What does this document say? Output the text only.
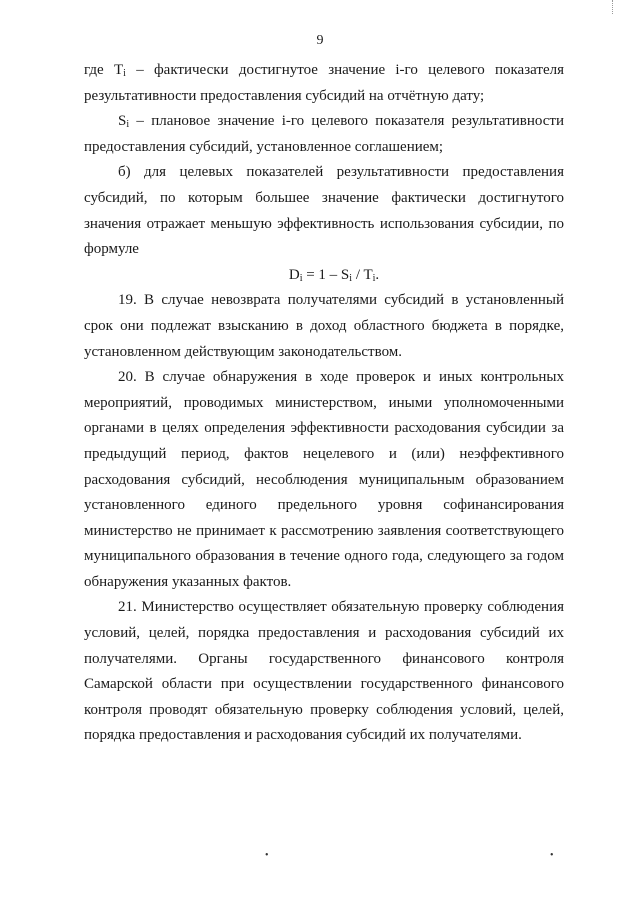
9

где $T_i$ – фактически достигнутое значение i-го целевого показателя результативности предоставления субсидий на отчётную дату;

$S_i$ – плановое значение i-го целевого показателя результативности предоставления субсидий, установленное соглашением;

б) для целевых показателей результативности предоставления субсидий, по которым большее значение фактически достигнутого значения отражает меньшую эффективность использования субсидии, по формуле

$D_i = 1 - S_i / T_i$.

19. В случае невозврата получателями субсидий в установленный срок они подлежат взысканию в доход областного бюджета в порядке, установленном действующим законодательством.

20. В случае обнаружения в ходе проверок и иных контрольных мероприятий, проводимых министерством, иными уполномоченными органами в целях определения эффективности расходования субсидии за предыдущий период, фактов нецелевого и (или) неэффективного расходования субсидий, несоблюдения муниципальным образованием установленного единого предельного уровня софинансирования министерство не принимает к рассмотрению заявления соответствующего муниципального образования в течение одного года, следующего за годом обнаружения указанных фактов.

21. Министерство осуществляет обязательную проверку соблюдения условий, целей, порядка предоставления и расходования субсидий их получателями. Органы государственного финансового контроля Самарской области при осуществлении государственного финансового контроля проводят обязательную проверку соблюдения условий, целей, порядка предоставления и расходования субсидий их получателями.

•	•
